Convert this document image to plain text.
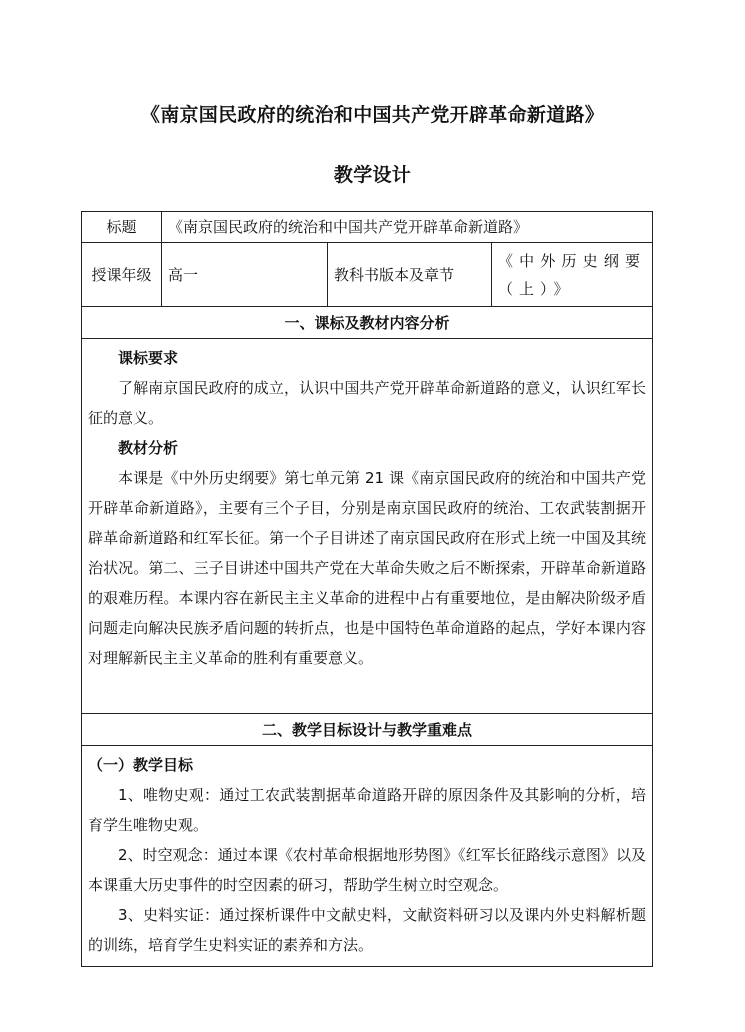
《南京国民政府的统治和中国共产党开辟革命新道路》
教学设计
标题	《南京国民政府的统治和中国共产党开辟革命新道路》		
授课年级	高一	教科书版本及章节	《中外历史纲要（上）》
一、课标及教材内容分析			

课标要求

了解南京国民政府的成立，认识中国共产党开辟革命新道路的意义，认识红军长征的意义。

教材分析

本课是《中外历史纲要》第七单元第 21 课《南京国民政府的统治和中国共产党开辟革命新道路》，主要有三个子目，分别是南京国民政府的统治、工农武装割据开辟革命新道路和红军长征。第一个子目讲述了南京国民政府在形式上统一中国及其统治状况。第二、三子目讲述中国共产党在大革命失败之后不断探索，开辟革命新道路的艰难历程。本课内容在新民主主义革命的进程中占有重要地位，是由解决阶级矛盾问题走向解决民族矛盾问题的转折点，也是中国特色革命道路的起点，学好本课内容对理解新民主主义革命的胜利有重要意义。			

二、教学目标设计与教学重难点			

（一）教学目标

1、唯物史观：通过工农武装割据革命道路开辟的原因条件及其影响的分析，培育学生唯物史观。

2、时空观念：通过本课《农村革命根据地形势图》《红军长征路线示意图》以及本课重大历史事件的时空因素的研习，帮助学生树立时空观念。

3、史料实证：通过探析课件中文献史料，文献资料研习以及课内外史料解析题的训练，培育学生史料实证的素养和方法。			
